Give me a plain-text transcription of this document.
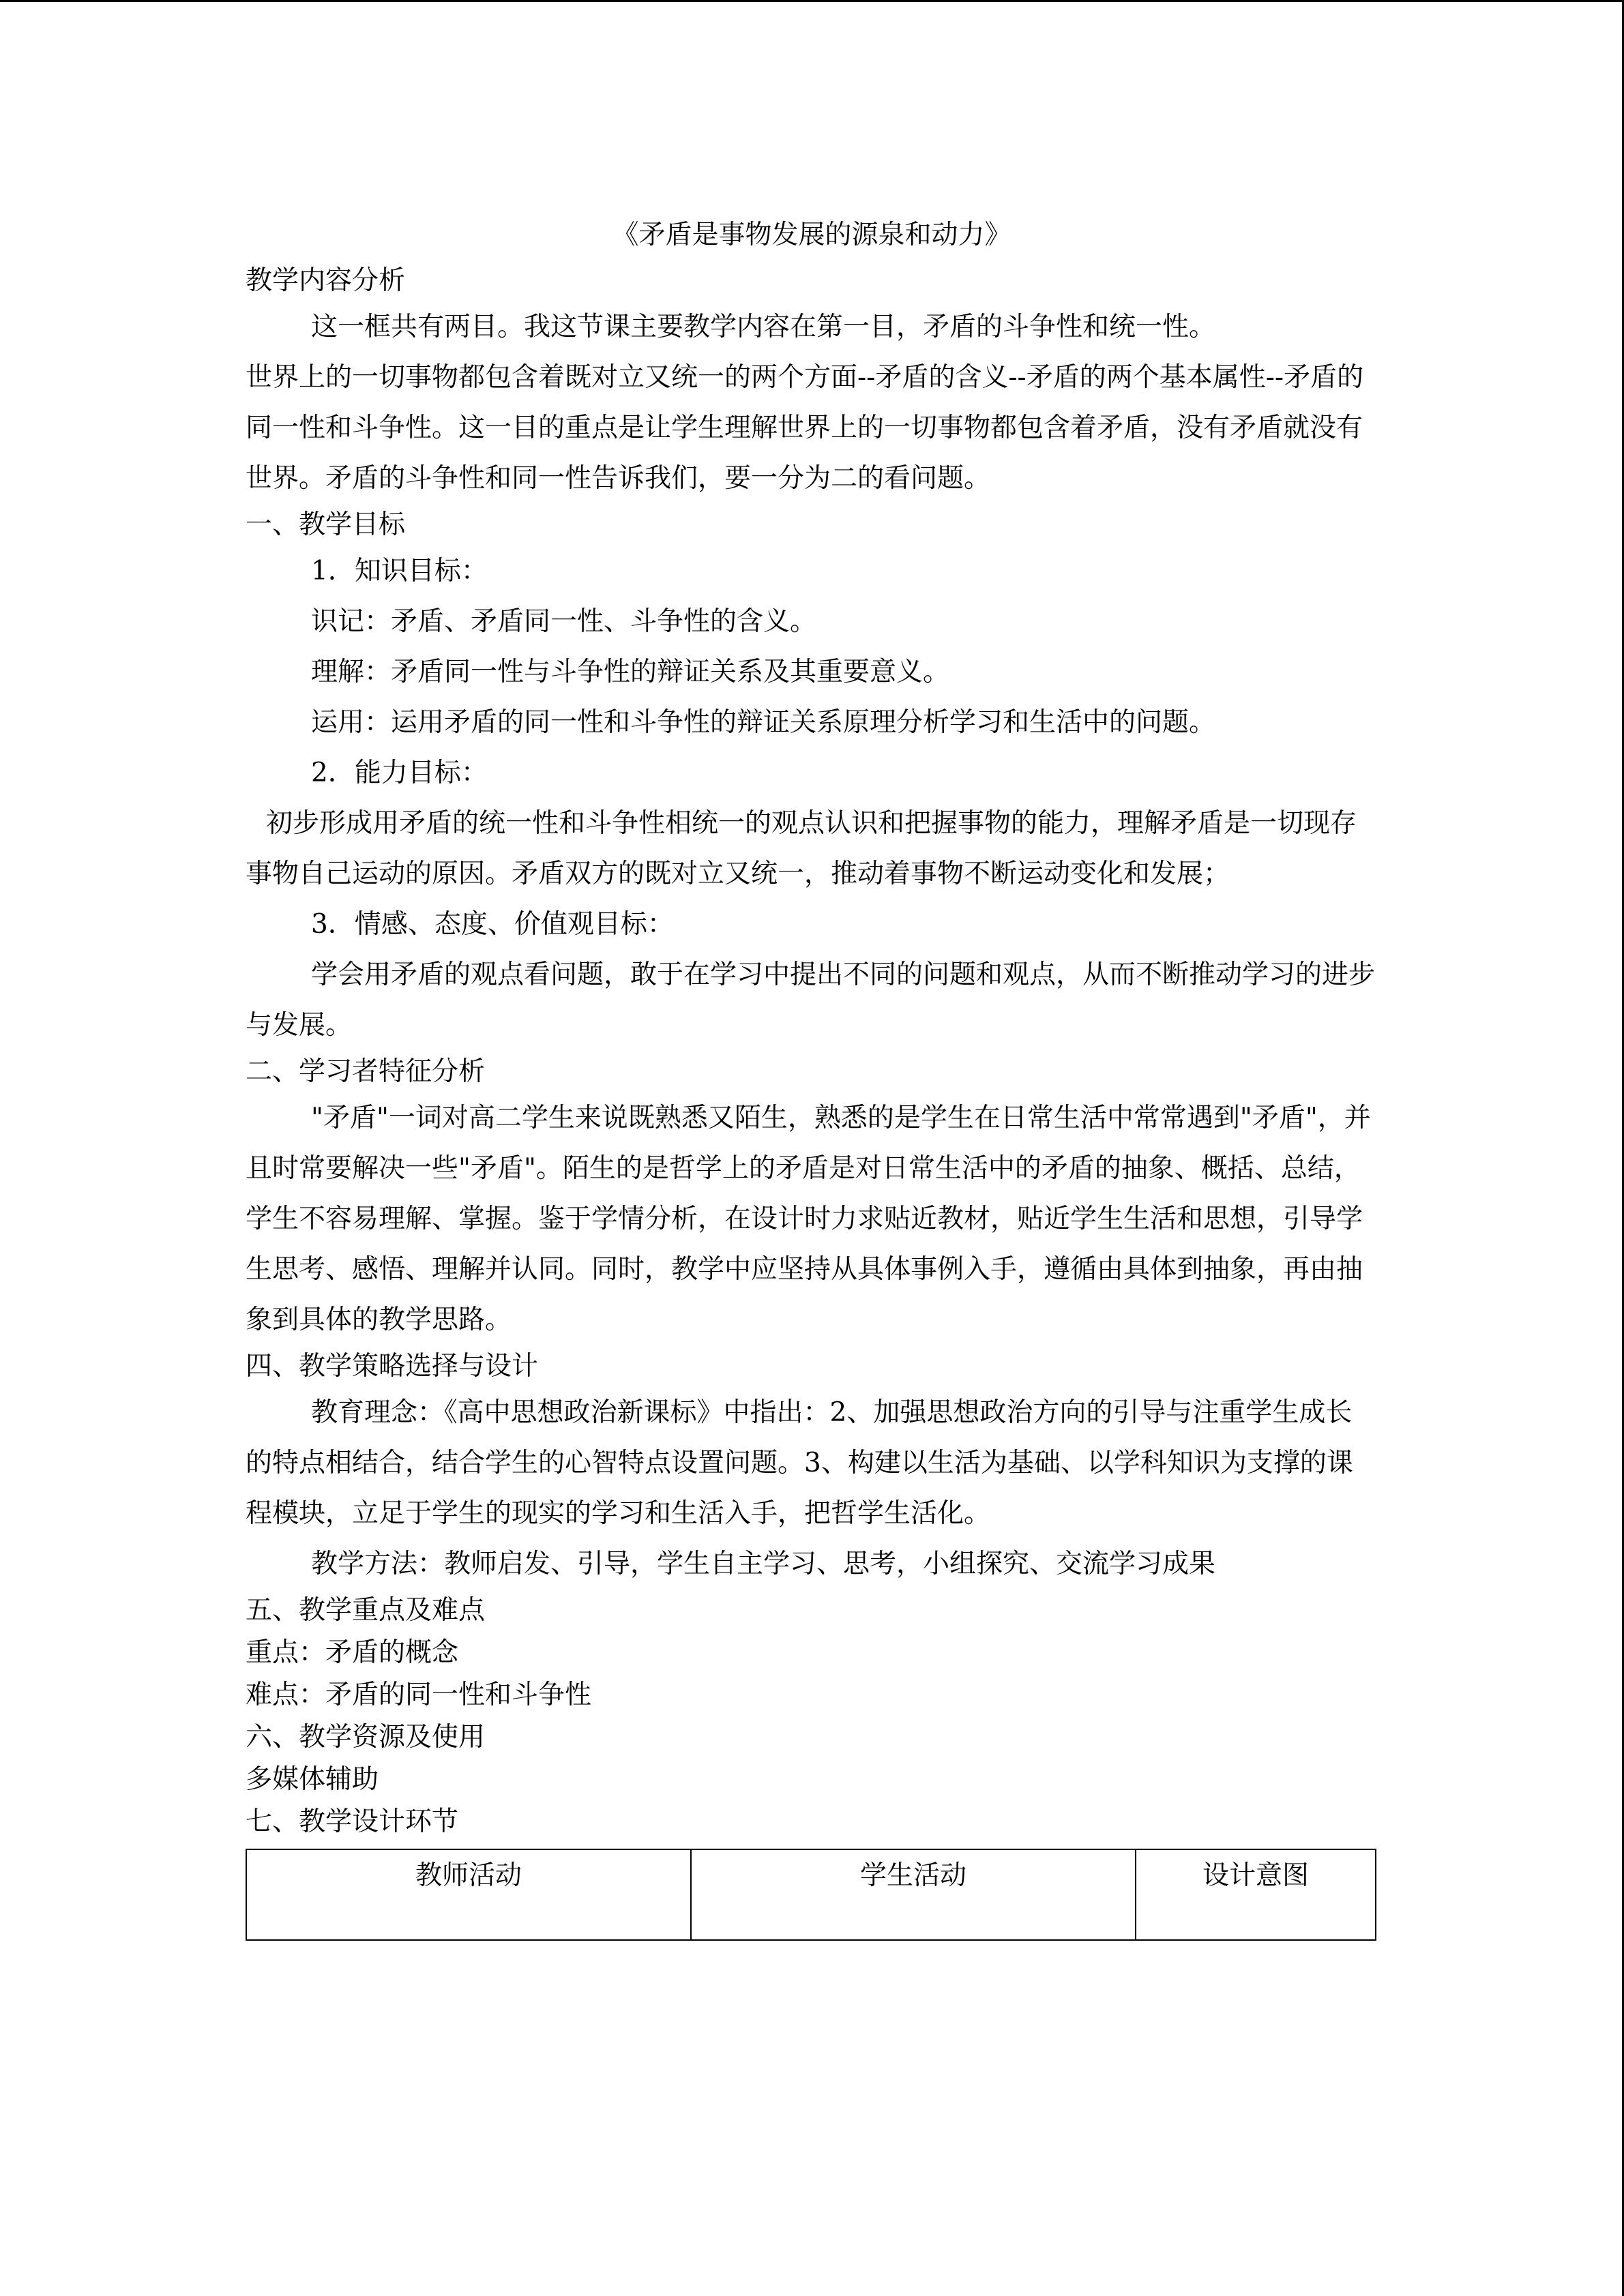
《矛盾是事物发展的源泉和动力》
教学内容分析

这一框共有两目。我这节课主要教学内容在第一目，矛盾的斗争性和统一性。

世界上的一切事物都包含着既对立又统一的两个方面--矛盾的含义--矛盾的两个基本属性--矛盾的同一性和斗争性。这一目的重点是让学生理解世界上的一切事物都包含着矛盾，没有矛盾就没有世界。矛盾的斗争性和同一性告诉我们，要一分为二的看问题。

一、教学目标

1．知识目标：

识记：矛盾、矛盾同一性、斗争性的含义。

理解：矛盾同一性与斗争性的辩证关系及其重要意义。

运用：运用矛盾的同一性和斗争性的辩证关系原理分析学习和生活中的问题。

2．能力目标：

初步形成用矛盾的统一性和斗争性相统一的观点认识和把握事物的能力，理解矛盾是一切现存事物自己运动的原因。矛盾双方的既对立又统一，推动着事物不断运动变化和发展；

3．情感、态度、价值观目标：

学会用矛盾的观点看问题，敢于在学习中提出不同的问题和观点，从而不断推动学习的进步与发展。

二、学习者特征分析

"矛盾"一词对高二学生来说既熟悉又陌生，熟悉的是学生在日常生活中常常遇到"矛盾"，并且时常要解决一些"矛盾"。陌生的是哲学上的矛盾是对日常生活中的矛盾的抽象、概括、总结，学生不容易理解、掌握。鉴于学情分析，在设计时力求贴近教材，贴近学生生活和思想，引导学生思考、感悟、理解并认同。同时，教学中应坚持从具体事例入手，遵循由具体到抽象，再由抽象到具体的教学思路。

四、教学策略选择与设计

教育理念：《高中思想政治新课标》中指出：2、加强思想政治方向的引导与注重学生成长的特点相结合，结合学生的心智特点设置问题。3、构建以生活为基础、以学科知识为支撑的课程模块，立足于学生的现实的学习和生活入手，把哲学生活化。

教学方法：教师启发、引导，学生自主学习、思考，小组探究、交流学习成果

五、教学重点及难点
重点：矛盾的概念
难点：矛盾的同一性和斗争性
六、教学资源及使用
多媒体辅助
七、教学设计环节
教师活动	学生活动	设计意图
